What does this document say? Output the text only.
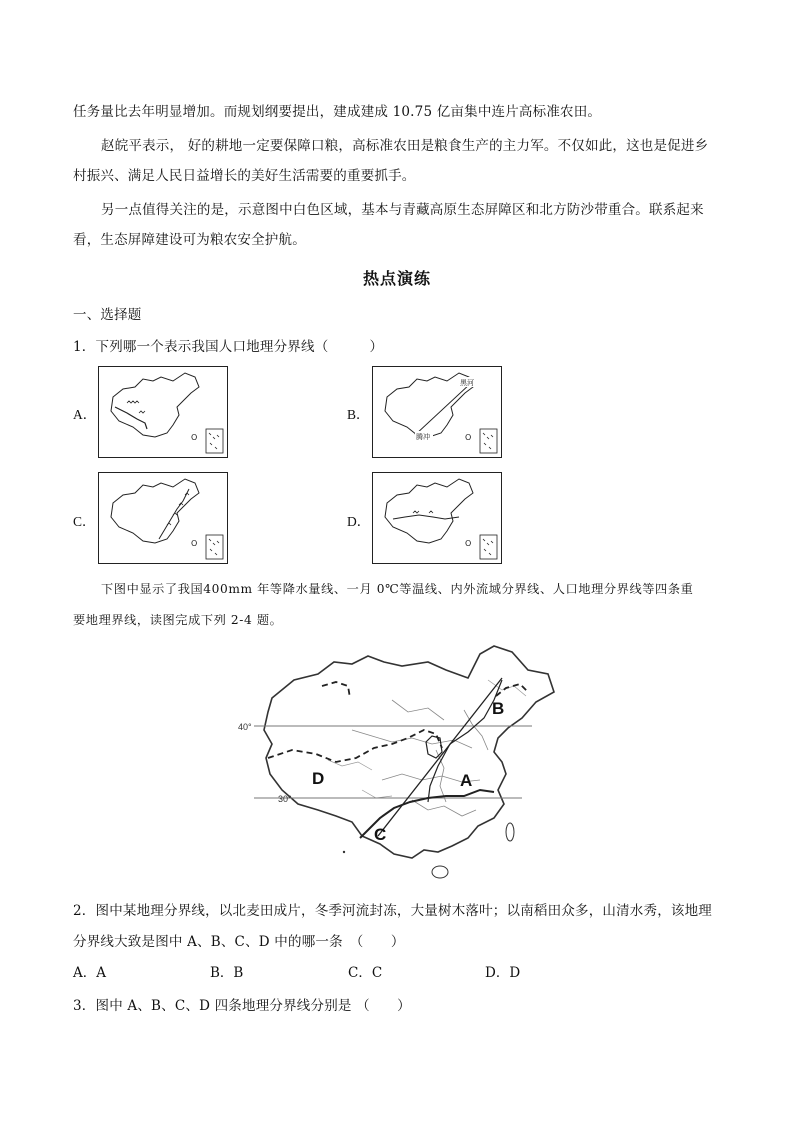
任务量比去年明显增加。而规划纲要提出，建成建成 10.75 亿亩集中连片高标准农田。
赵皖平表示， 好的耕地一定要保障口粮，高标准农田是粮食生产的主力军。不仅如此，这也是促进乡
村振兴、满足人民日益增长的美好生活需要的重要抓手。
另一点值得关注的是，示意图中白色区域，基本与青藏高原生态屏障区和北方防沙带重合。联系起来
看，生态屏障建设可为粮农安全护航。
热点演练
一、选择题
1．下列哪一个表示我国人口地理分界线（　　　）
A．	B．
C．	D．
O
黑河
腾冲	O
O	O
下图中显示了我国400mm 年等降水量线、一月 0℃等温线、内外流域分界线、人口地理分界线等四条重
要地理界线，读图完成下列 2-4 题。
40°
30°
B
A
C
D
2．图中某地理分界线，以北麦田成片，冬季河流封冻，大量树木落叶；以南稻田众多，山清水秀，该地理
分界线大致是图中 A、B、C、D 中的哪一条　（　　）
A．A	B．B	C．C	D．D
3．图中 A、B、C、D 四条地理分界线分别是 （　　）
